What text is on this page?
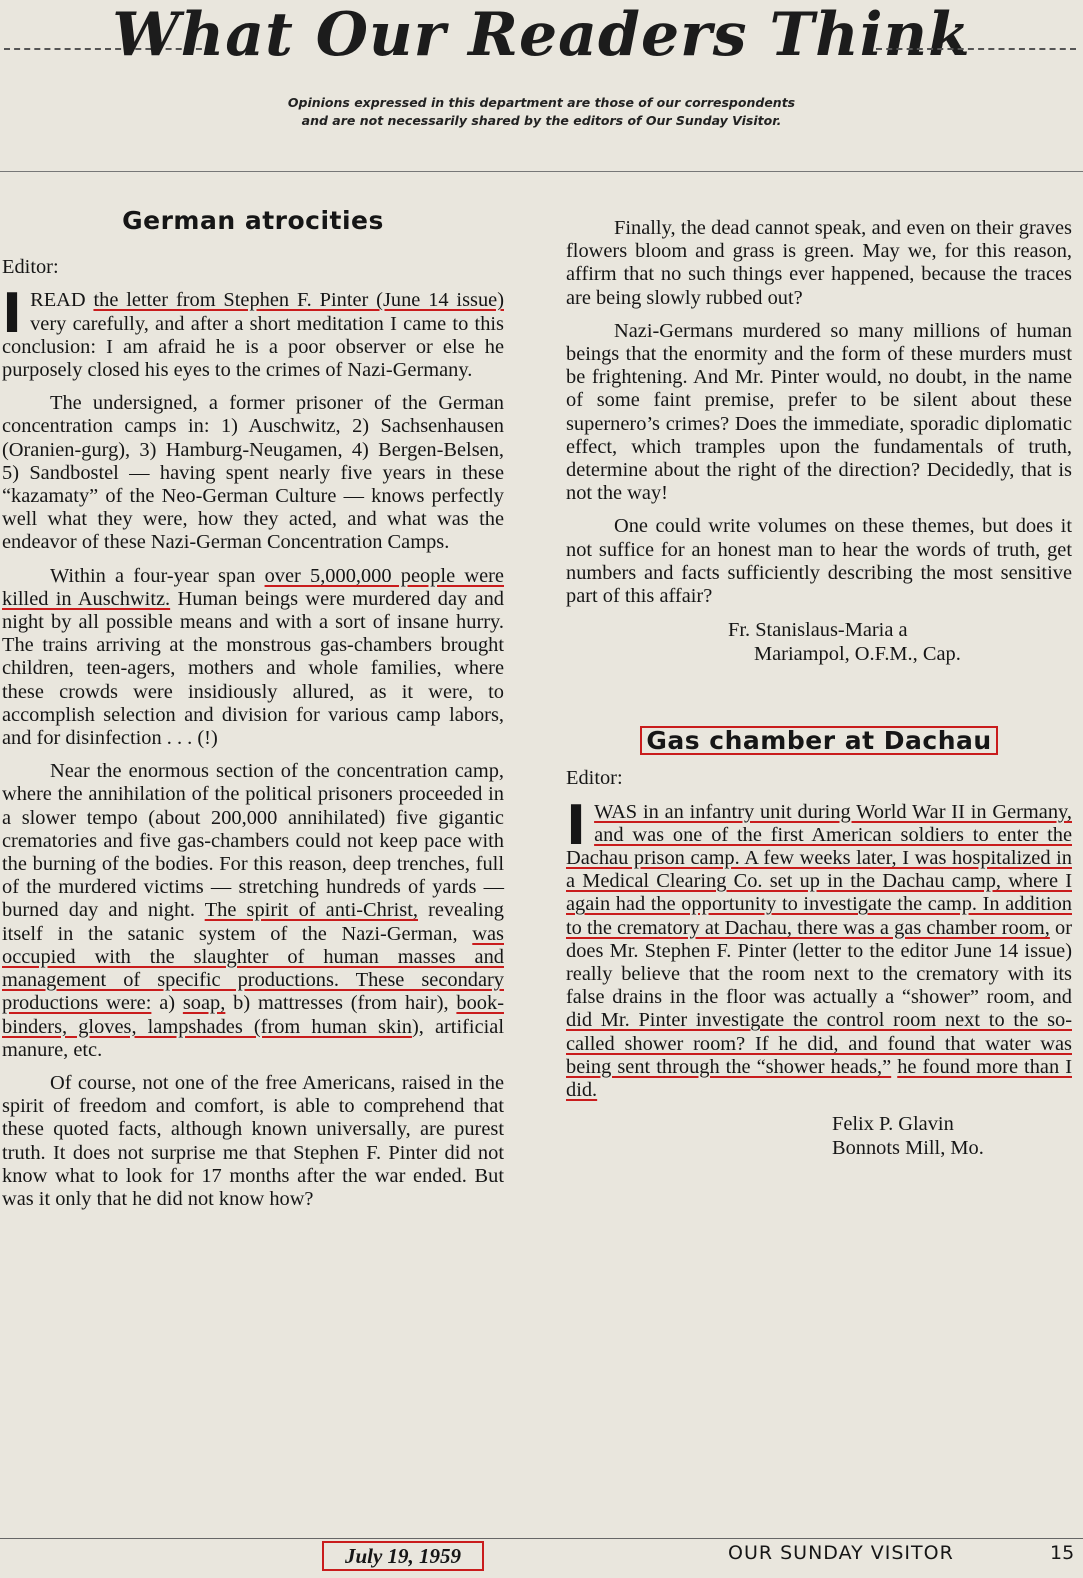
What Our Readers Think
Opinions expressed in this department are those of our correspondents
and are not necessarily shared by the editors of Our Sunday Visitor.
German atrocities

Editor:

I READ the letter from Stephen F. Pinter (June 14 issue) very carefully, and after a short meditation I came to this conclusion: I am afraid he is a poor observer or else he purposely closed his eyes to the crimes of Nazi-Germany.

The undersigned, a former prisoner of the German concentration camps in: 1) Auschwitz, 2) Sachsenhausen (Oranien-gurg), 3) Hamburg-Neugamen, 4) Bergen-Belsen, 5) Sandbostel — having spent nearly five years in these “kazamaty” of the Neo-German Culture — knows perfectly well what they were, how they acted, and what was the endeavor of these Nazi-German Concentration Camps.

Within a four-year span over 5,000,000 people were killed in Auschwitz. Human beings were murdered day and night by all possible means and with a sort of insane hurry. The trains arriving at the monstrous gas-chambers brought children, teen-agers, mothers and whole families, where these crowds were insidiously allured, as it were, to accomplish selection and division for various camp labors, and for disinfection . . . (!)

Near the enormous section of the concentration camp, where the annihilation of the political prisoners proceeded in a slower tempo (about 200,000 annihilated) five gigantic crematories and five gas-chambers could not keep pace with the burning of the bodies. For this reason, deep trenches, full of the murdered victims — stretching hundreds of yards — burned day and night. The spirit of anti-Christ, revealing itself in the satanic system of the Nazi-German, was occupied with the slaughter of human masses and management of specific productions. These secondary productions were: a) soap, b) mattresses (from hair), book-binders, gloves, lampshades (from human skin), artificial manure, etc.

Of course, not one of the free Americans, raised in the spirit of freedom and comfort, is able to comprehend that these quoted facts, although known universally, are purest truth. It does not surprise me that Stephen F. Pinter did not know what to look for 17 months after the war ended. But was it only that he did not know how?

Finally, the dead cannot speak, and even on their graves flowers bloom and grass is green. May we, for this reason, affirm that no such things ever happened, because the traces are being slowly rubbed out?

Nazi-Germans murdered so many millions of human beings that the enormity and the form of these murders must be frightening. And Mr. Pinter would, no doubt, in the name of some faint premise, prefer to be silent about these supernero’s crimes? Does the immediate, sporadic diplomatic effect, which tramples upon the fundamentals of truth, determine about the right of the direction? Decidedly, that is not the way!

One could write volumes on these themes, but does it not suffice for an honest man to hear the words of truth, get numbers and facts sufficiently describing the most sensitive part of this affair?

Fr. Stanislaus-Maria a
Mariampol, O.F.M., Cap.
Gas chamber at Dachau

Editor:

I WAS in an infantry unit during World War II in Germany, and was one of the first American soldiers to enter the Dachau prison camp. A few weeks later, I was hospitalized in a Medical Clearing Co. set up in the Dachau camp, where I again had the opportunity to investigate the camp. In addition to the crematory at Dachau, there was a gas chamber room, or does Mr. Stephen F. Pinter (letter to the editor June 14 issue) really believe that the room next to the crematory with its false drains in the floor was actually a “shower” room, and did Mr. Pinter investigate the control room next to the so-called shower room? If he did, and found that water was being sent through the “shower heads,” he found more than I did.

Felix P. Glavin
Bonnots Mill, Mo.
July 19, 1959	OUR SUNDAY VISITOR	15
